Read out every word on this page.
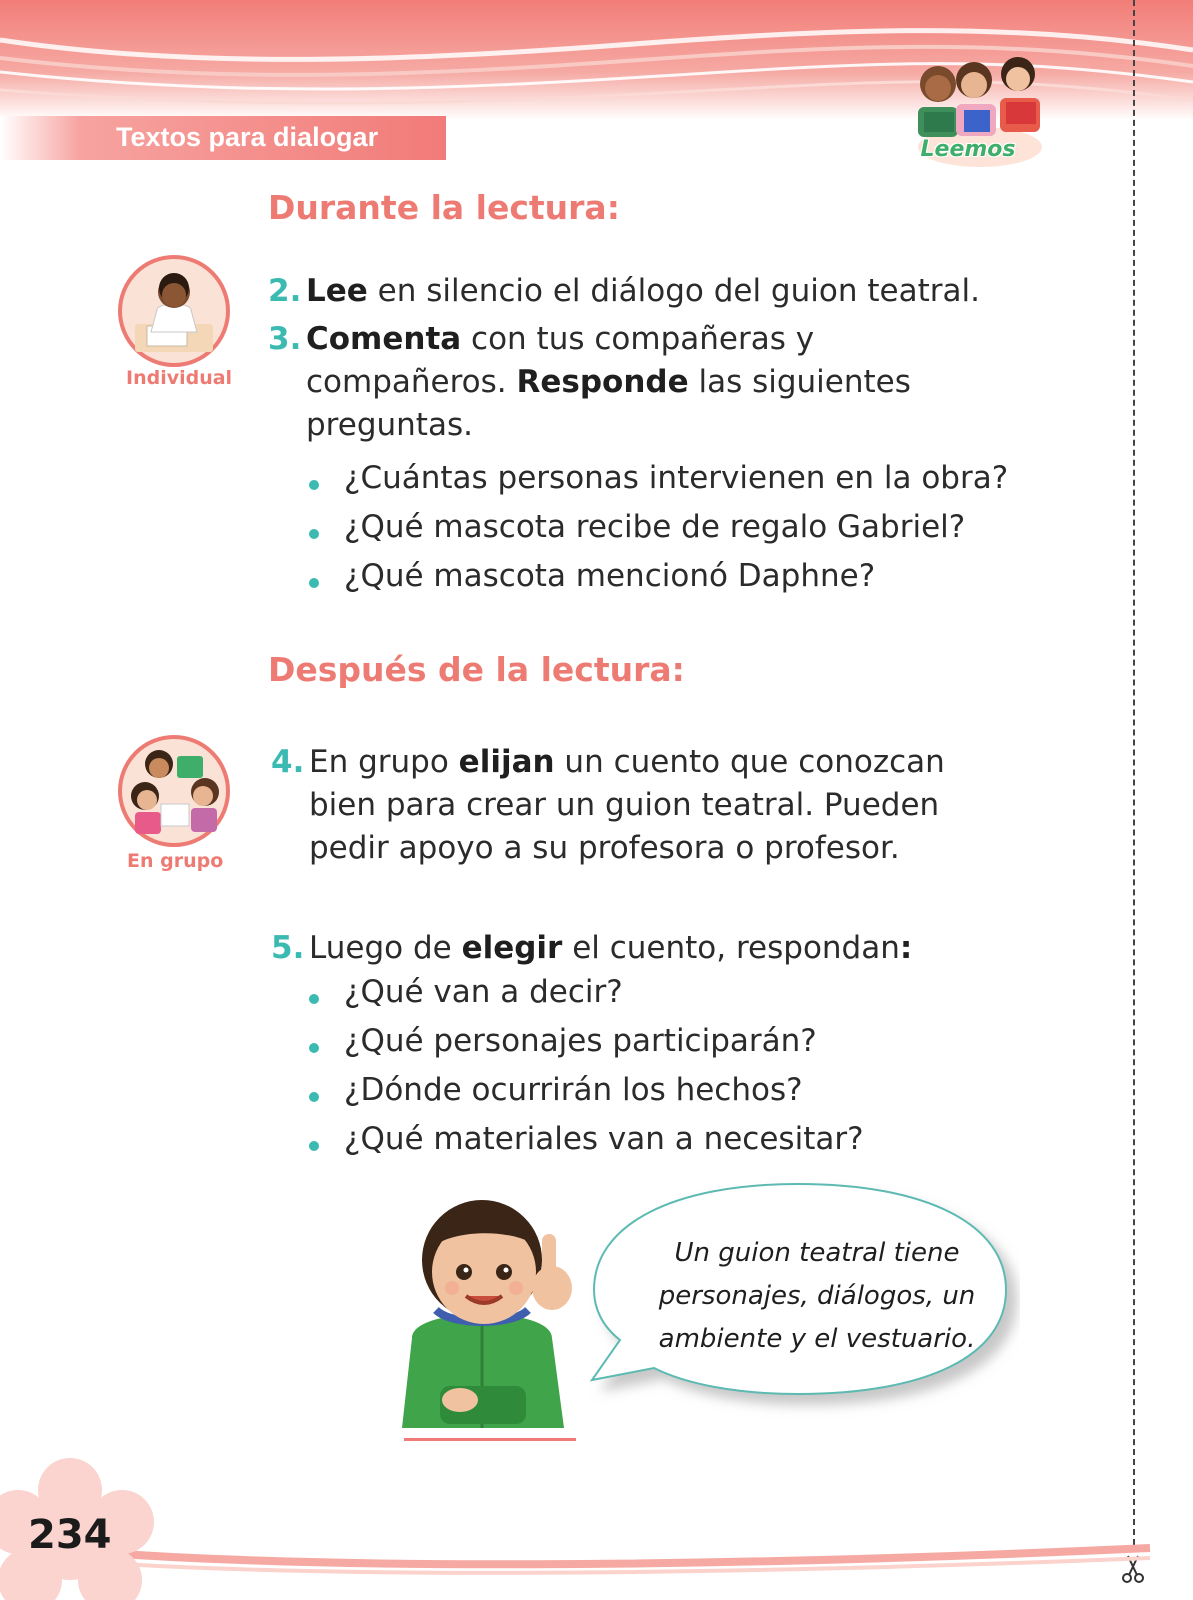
Textos para dialogar	Leemos
Durante la lectura:
Individual
2. Lee en silencio el diálogo del guion teatral.
3. Comenta con tus compañeras y compañeros. Responde las siguientes preguntas.
¿Cuántas personas intervienen en la obra?
¿Qué mascota recibe de regalo Gabriel?
¿Qué mascota mencionó Daphne?
Después de la lectura:
En grupo
4. En grupo elijan un cuento que conozcan bien para crear un guion teatral. Pueden pedir apoyo a su profesora o profesor.
5. Luego de elegir el cuento, respondan:
¿Qué van a decir?
¿Qué personajes participarán?
¿Dónde ocurrirán los hechos?
¿Qué materiales van a necesitar?
Un guion teatral tiene
personajes, diálogos, un
ambiente y el vestuario.
234
